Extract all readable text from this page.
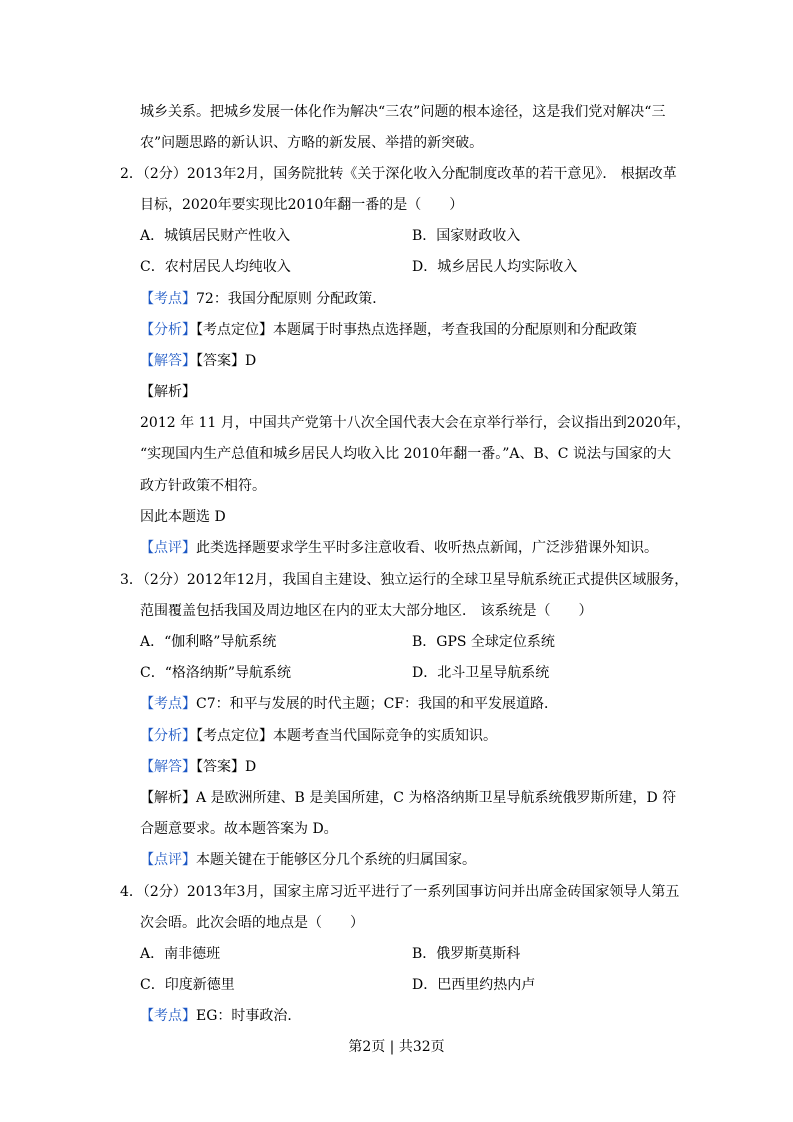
城乡关系。把城乡发展一体化作为解决“三农”问题的根本途径，这是我们党对解决“三
农”问题思路的新认识、方略的新发展、举措的新突破。
2．（2分）2013年2月，国务院批转《关于深化收入分配制度改革的若干意见》． 根据改革
目标，2020年要实现比2010年翻一番的是（　　）
A．城镇居民财产性收入	B．国家财政收入
C．农村居民人均纯收入	D．城乡居民人均实际收入
【考点】72：我国分配原则 分配政策．
【分析】【考点定位】本题属于时事热点选择题，考查我国的分配原则和分配政策
【解答】【答案】D
【解析】
2012 年 11 月，中国共产党第十八次全国代表大会在京举行举行，会议指出到2020年，
“实现国内生产总值和城乡居民人均收入比 2010年翻一番。”A、B、C 说法与国家的大
政方针政策不相符。
因此本题选 D
【点评】此类选择题要求学生平时多注意收看、收听热点新闻，广泛涉猎课外知识。
3．（2分）2012年12月，我国自主建设、独立运行的全球卫星导航系统正式提供区域服务，
范围覆盖包括我国及周边地区在内的亚太大部分地区． 该系统是（　　）
A．“伽利略”导航系统	B．GPS 全球定位系统
C．“格洛纳斯”导航系统	D．北斗卫星导航系统
【考点】C7：和平与发展的时代主题；CF：我国的和平发展道路．
【分析】【考点定位】本题考查当代国际竞争的实质知识。
【解答】【答案】D
【解析】A 是欧洲所建、B 是美国所建，C 为格洛纳斯卫星导航系统俄罗斯所建，D 符
合题意要求。故本题答案为 D。
【点评】本题关键在于能够区分几个系统的归属国家。
4．（2分）2013年3月，国家主席习近平进行了一系列国事访问并出席金砖国家领导人第五
次会晤。此次会晤的地点是（　　）
A．南非德班	B．俄罗斯莫斯科
C．印度新德里	D．巴西里约热内卢
【考点】EG：时事政治．
第2页 | 共32页
